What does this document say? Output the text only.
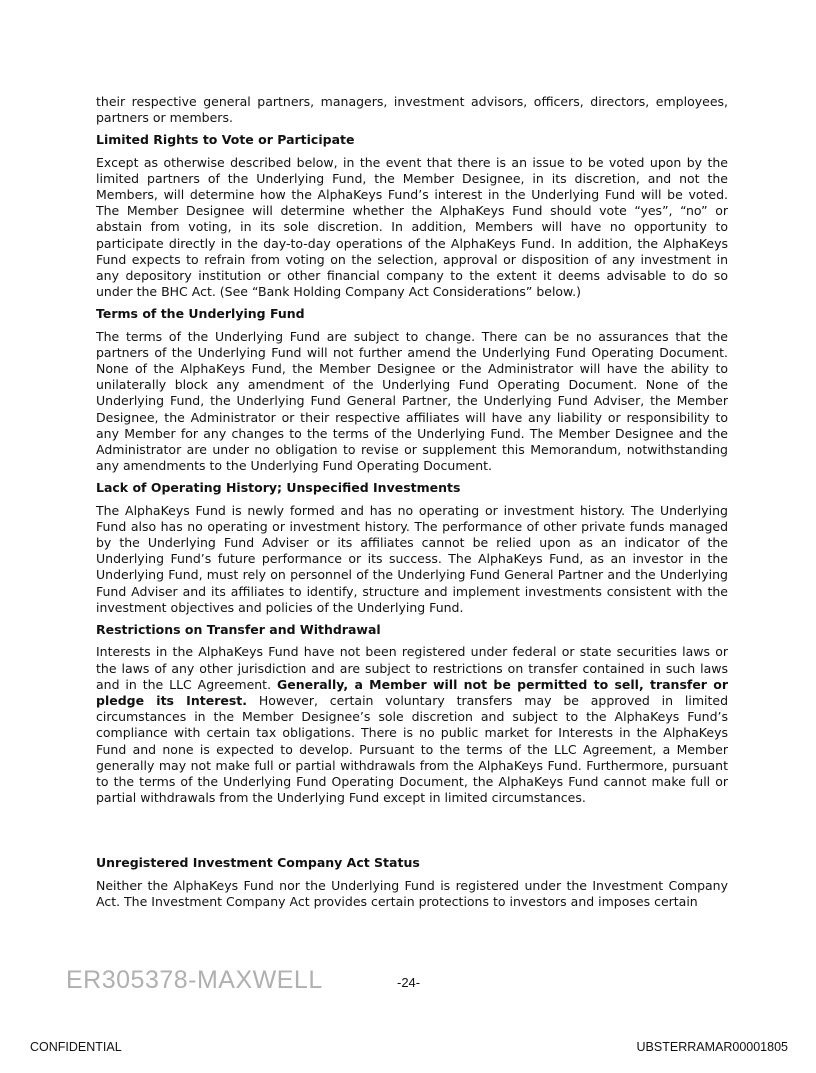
their respective general partners, managers, investment advisors, officers, directors, employees, partners or members.

Limited Rights to Vote or Participate

Except as otherwise described below, in the event that there is an issue to be voted upon by the limited partners of the Underlying Fund, the Member Designee, in its discretion, and not the Members, will determine how the AlphaKeys Fund’s interest in the Underlying Fund will be voted. The Member Designee will determine whether the AlphaKeys Fund should vote “yes”, “no” or abstain from voting, in its sole discretion. In addition, Members will have no opportunity to participate directly in the day-to-day operations of the AlphaKeys Fund. In addition, the AlphaKeys Fund expects to refrain from voting on the selection, approval or disposition of any investment in any depository institution or other financial company to the extent it deems advisable to do so under the BHC Act. (See “Bank Holding Company Act Considerations” below.)

Terms of the Underlying Fund

The terms of the Underlying Fund are subject to change. There can be no assurances that the partners of the Underlying Fund will not further amend the Underlying Fund Operating Document. None of the AlphaKeys Fund, the Member Designee or the Administrator will have the ability to unilaterally block any amendment of the Underlying Fund Operating Document. None of the Underlying Fund, the Underlying Fund General Partner, the Underlying Fund Adviser, the Member Designee, the Administrator or their respective affiliates will have any liability or responsibility to any Member for any changes to the terms of the Underlying Fund. The Member Designee and the Administrator are under no obligation to revise or supplement this Memorandum, notwithstanding any amendments to the Underlying Fund Operating Document.

Lack of Operating History; Unspecified Investments

The AlphaKeys Fund is newly formed and has no operating or investment history. The Underlying Fund also has no operating or investment history. The performance of other private funds managed by the Underlying Fund Adviser or its affiliates cannot be relied upon as an indicator of the Underlying Fund’s future performance or its success. The AlphaKeys Fund, as an investor in the Underlying Fund, must rely on personnel of the Underlying Fund General Partner and the Underlying Fund Adviser and its affiliates to identify, structure and implement investments consistent with the investment objectives and policies of the Underlying Fund.

Restrictions on Transfer and Withdrawal

Interests in the AlphaKeys Fund have not been registered under federal or state securities laws or the laws of any other jurisdiction and are subject to restrictions on transfer contained in such laws and in the LLC Agreement. Generally, a Member will not be permitted to sell, transfer or pledge its Interest. However, certain voluntary transfers may be approved in limited circumstances in the Member Designee’s sole discretion and subject to the AlphaKeys Fund’s compliance with certain tax obligations. There is no public market for Interests in the AlphaKeys Fund and none is expected to develop. Pursuant to the terms of the LLC Agreement, a Member generally may not make full or partial withdrawals from the AlphaKeys Fund. Furthermore, pursuant to the terms of the Underlying Fund Operating Document, the AlphaKeys Fund cannot make full or partial withdrawals from the Underlying Fund except in limited circumstances.

Unregistered Investment Company Act Status

Neither the AlphaKeys Fund nor the Underlying Fund is registered under the Investment Company Act. The Investment Company Act provides certain protections to investors and imposes certain

ER305378-MAXWELL	-24-
CONFIDENTIAL	UBSTERRAMAR00001805
